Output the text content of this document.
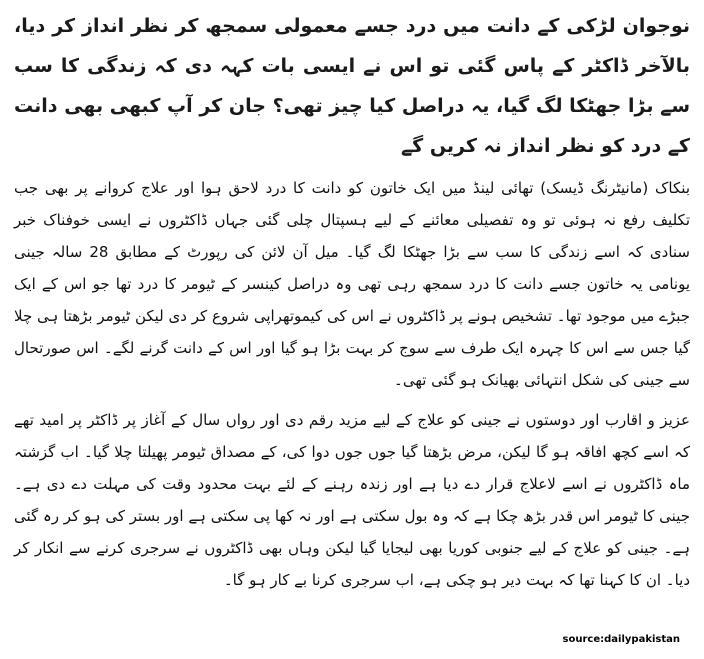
نوجوان لڑکی کے دانت میں درد جسے معمولی سمجھ کر نظر انداز کر دیا، بالآخر ڈاکٹر کے پاس گئی تو اس نے ایسی بات کہہ دی کہ زندگی کا سب سے بڑا جھٹکا لگ گیا، یہ دراصل کیا چیز تھی؟ جان کر آپ کبھی بھی دانت کے درد کو نظر انداز نہ کریں گے

بنکاک (مانیٹرنگ ڈیسک) تھائی لینڈ میں ایک خاتون کو دانت کا درد لاحق ہوا اور علاج کروانے پر بھی جب تکلیف رفع نہ ہوئی تو وہ تفصیلی معائنے کے لیے ہسپتال چلی گئی جہاں ڈاکٹروں نے ایسی خوفناک خبر سنادی کہ اسے زندگی کا سب سے بڑا جھٹکا لگ گیا۔ میل آن لائن کی رپورٹ کے مطابق 28 سالہ جینی یونامی یہ خاتون جسے دانت کا درد سمجھ رہی تھی وہ دراصل کینسر کے ٹیومر کا درد تھا جو اس کے ایک جبڑے میں موجود تھا۔ تشخیص ہونے پر ڈاکٹروں نے اس کی کیموتھراپی شروع کر دی لیکن ٹیومر بڑھتا ہی چلا گیا جس سے اس کا چہرہ ایک طرف سے سوج کر بہت بڑا ہو گیا اور اس کے دانت گرنے لگے۔ اس صورتحال سے جینی کی شکل انتہائی بھیانک ہو گئی تھی۔

عزیز و اقارب اور دوستوں نے جینی کو علاج کے لیے مزید رقم دی اور رواں سال کے آغاز پر ڈاکٹر پر امید تھے کہ اسے کچھ افاقہ ہو گا لیکن، مرض بڑھتا گیا جوں جوں دوا کی، کے مصداق ٹیومر پھیلتا چلا گیا۔ اب گزشتہ ماہ ڈاکٹروں نے اسے لاعلاج قرار دے دیا ہے اور زندہ رہنے کے لئے بہت محدود وقت کی مہلت دے دی ہے۔ جینی کا ٹیومر اس قدر بڑھ چکا ہے کہ وہ بول سکتی ہے اور نہ کھا پی سکتی ہے اور بستر کی ہو کر رہ گئی ہے۔ جینی کو علاج کے لیے جنوبی کوریا بھی لیجایا گیا لیکن وہاں بھی ڈاکٹروں نے سرجری کرنے سے انکار کر دیا۔ ان کا کہنا تھا کہ بہت دیر ہو چکی ہے، اب سرجری کرنا بے کار ہو گا۔

source:dailypakistan
